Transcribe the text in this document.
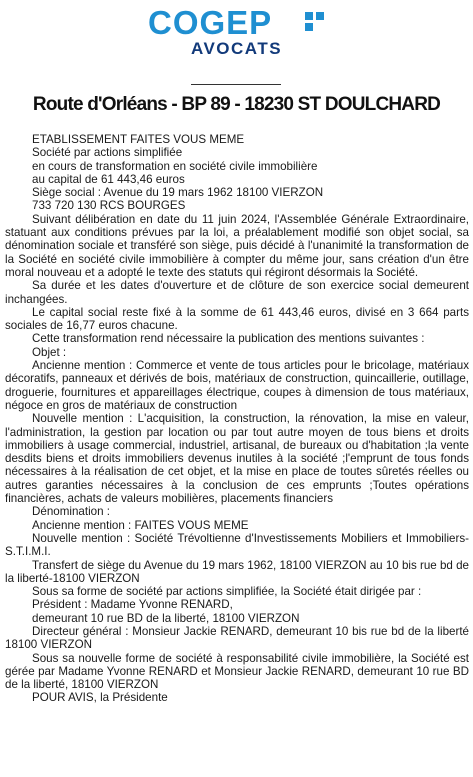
COGEP
AVOCATS
Route d'Orléans - BP 89 - 18230 ST DOULCHARD

ETABLISSEMENT FAITES VOUS MEME

Société par actions simplifiée

en cours de transformation en société civile immobilière

au capital de 61 443,46 euros

Siège social : Avenue du 19 mars 1962 18100 VIERZON

733 720 130 RCS BOURGES

Suivant délibération en date du 11 juin 2024, l'Assemblée Générale Extraordinaire, statuant aux conditions prévues par la loi, a préalablement modifié son objet social, sa dénomination sociale et transféré son siège, puis décidé à l'unanimité la transformation de la Société en société civile immobilière à compter du même jour, sans création d'un être moral nouveau et a adopté le texte des statuts qui régiront désormais la Société.

Sa durée et les dates d'ouverture et de clôture de son exercice social demeurent inchangées.

Le capital social reste fixé à la somme de 61 443,46 euros, divisé en 3 664 parts sociales de 16,77 euros chacune.

Cette transformation rend nécessaire la publication des mentions suivantes :

Objet :

Ancienne mention : Commerce et vente de tous articles pour le bricolage, matériaux décoratifs, panneaux et dérivés de bois, matériaux de construction, quincaillerie, outillage, droguerie, fournitures et appareillages électrique, coupes à dimension de tous matériaux, négoce en gros de matériaux de construction

Nouvelle mention : L'acquisition, la construction, la rénovation, la mise en valeur, l'administration, la gestion par location ou par tout autre moyen de tous biens et droits immobiliers à usage commercial, industriel, artisanal, de bureaux ou d'habitation ;la vente desdits biens et droits immobiliers devenus inutiles à la société ;l'emprunt de tous fonds nécessaires à la réalisation de cet objet, et la mise en place de toutes sûretés réelles ou autres garanties nécessaires à la conclusion de ces emprunts ;Toutes opérations financières, achats de valeurs mobilières, placements financiers

Dénomination :

Ancienne mention : FAITES VOUS MEME

Nouvelle mention : Société Trévoltienne d'Investissements Mobiliers et Immobiliers-S.T.I.M.I.

Transfert de siège du Avenue du 19 mars 1962, 18100 VIERZON au 10 bis rue bd de la liberté-18100 VIERZON

Sous sa forme de société par actions simplifiée, la Société était dirigée par :

Président : Madame Yvonne RENARD,

demeurant 10 rue BD de la liberté, 18100 VIERZON

Directeur général : Monsieur Jackie RENARD, demeurant 10 bis rue bd de la liberté 18100 VIERZON

Sous sa nouvelle forme de société à responsabilité civile immobilière, la Société est gérée par Madame Yvonne RENARD et Monsieur Jackie RENARD, demeurant 10 rue BD de la liberté, 18100 VIERZON

POUR AVIS, la Présidente
